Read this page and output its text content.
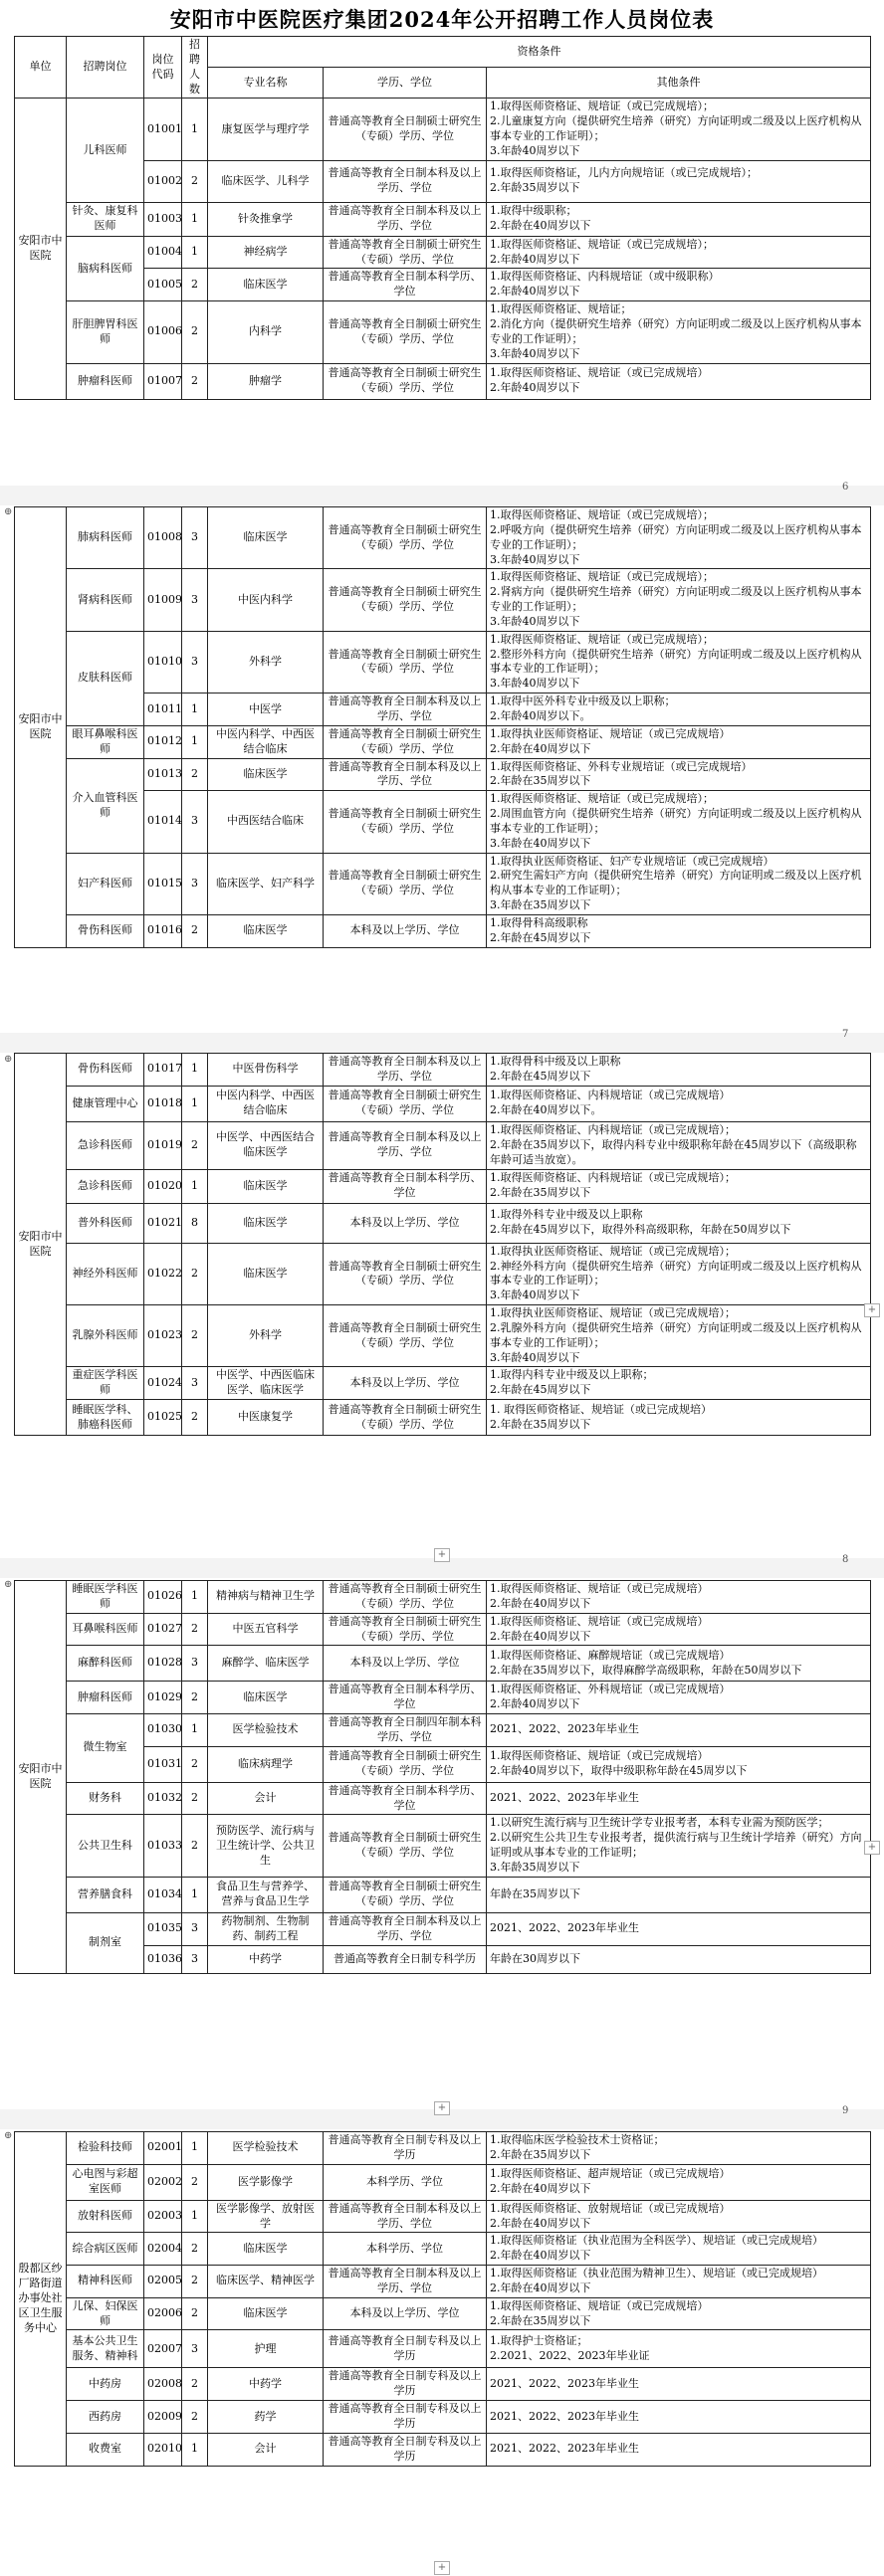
安阳市中医院医疗集团2024年公开招聘工作人员岗位表
单位	招聘岗位	岗位代码	招聘人数	资格条件		
				专业名称	学历、学位	其他条件
安阳市中医院	儿科医师	01001	1	康复医学与理疗学	普通高等教育全日制硕士研究生（专硕）学历、学位	1.取得医师资格证、规培证（或已完成规培）；
2.儿童康复方向（提供研究生培养（研究）方向证明或二级及以上医疗机构从事本专业的工作证明）；
3.年龄40周岁以下
		01002	2	临床医学、儿科学	普通高等教育全日制本科及以上学历、学位	1.取得医师资格证，儿内方向规培证（或已完成规培）；
2.年龄35周岁以下
	针灸、康复科医师	01003	1	针灸推拿学	普通高等教育全日制本科及以上学历、学位	1.取得中级职称；
2.年龄在40周岁以下
	脑病科医师	01004	1	神经病学	普通高等教育全日制硕士研究生（专硕）学历、学位	1.取得医师资格证、规培证（或已完成规培）；
2.年龄40周岁以下
		01005	2	临床医学	普通高等教育全日制本科学历、学位	1.取得医师资格证、内科规培证（或中级职称）
2.年龄40周岁以下
	肝胆脾胃科医师	01006	2	内科学	普通高等教育全日制硕士研究生（专硕）学历、学位	1.取得医师资格证、规培证；
2.消化方向（提供研究生培养（研究）方向证明或二级及以上医疗机构从事本专业的工作证明）；
3.年龄40周岁以下
	肿瘤科医师	01007	2	肿瘤学	普通高等教育全日制硕士研究生（专硕）学历、学位	1.取得医师资格证、规培证（或已完成规培）
2.年龄40周岁以下
安阳市中医院	肺病科医师	01008	3	临床医学	普通高等教育全日制硕士研究生（专硕）学历、学位	1.取得医师资格证、规培证（或已完成规培）；
2.呼吸方向（提供研究生培养（研究）方向证明或二级及以上医疗机构从事本专业的工作证明）；
3.年龄40周岁以下
	肾病科医师	01009	3	中医内科学	普通高等教育全日制硕士研究生（专硕）学历、学位	1.取得医师资格证、规培证（或已完成规培）；
2.肾病方向（提供研究生培养（研究）方向证明或二级及以上医疗机构从事本专业的工作证明）；
3.年龄40周岁以下
	皮肤科医师	01010	3	外科学	普通高等教育全日制硕士研究生（专硕）学历、学位	1.取得医师资格证、规培证（或已完成规培）；
2.整形外科方向（提供研究生培养（研究）方向证明或二级及以上医疗机构从事本专业的工作证明）；
3.年龄40周岁以下
		01011	1	中医学	普通高等教育全日制本科及以上学历、学位	1.取得中医外科专业中级及以上职称；
2.年龄40周岁以下。
	眼耳鼻喉科医师	01012	1	中医内科学、中西医结合临床	普通高等教育全日制硕士研究生（专硕）学历、学位	1.取得执业医师资格证、规培证（或已完成规培）
2.年龄在40周岁以下
	介入血管科医师	01013	2	临床医学	普通高等教育全日制本科及以上学历、学位	1.取得医师资格证、外科专业规培证（或已完成规培）
2.年龄在35周岁以下
		01014	3	中西医结合临床	普通高等教育全日制硕士研究生（专硕）学历、学位	1.取得医师资格证、规培证（或已完成规培）；
2.周围血管方向（提供研究生培养（研究）方向证明或二级及以上医疗机构从事本专业的工作证明）；
3.年龄在40周岁以下
	妇产科医师	01015	3	临床医学、妇产科学	普通高等教育全日制硕士研究生（专硕）学历、学位	1.取得执业医师资格证、妇产专业规培证（或已完成规培）
2.研究生需妇产方向（提供研究生培养（研究）方向证明或二级及以上医疗机构从事本专业的工作证明）；
3.年龄在35周岁以下
	骨伤科医师	01016	2	临床医学	本科及以上学历、学位	1.取得骨科高级职称
2.年龄在45周岁以下
安阳市中医院	骨伤科医师	01017	1	中医骨伤科学	普通高等教育全日制本科及以上学历、学位	1.取得骨科中级及以上职称
2.年龄在45周岁以下
	健康管理中心	01018	1	中医内科学、中西医结合临床	普通高等教育全日制硕士研究生（专硕）学历、学位	1.取得医师资格证、内科规培证（或已完成规培）
2.年龄在40周岁以下。
	急诊科医师	01019	2	中医学、中西医结合临床医学	普通高等教育全日制本科及以上学历、学位	1.取得医师资格证、内科规培证（或已完成规培）；
2.年龄在35周岁以下，取得内科专业中级职称年龄在45周岁以下（高级职称年龄可适当放宽）。
	急诊科医师	01020	1	临床医学	普通高等教育全日制本科学历、学位	1.取得医师资格证、内科规培证（或已完成规培）；
2.年龄在35周岁以下
	普外科医师	01021	8	临床医学	本科及以上学历、学位	1.取得外科专业中级及以上职称
2.年龄在45周岁以下，取得外科高级职称，年龄在50周岁以下
	神经外科医师	01022	2	临床医学	普通高等教育全日制硕士研究生（专硕）学历、学位	1.取得执业医师资格证、规培证（或已完成规培）；
2.神经外科方向（提供研究生培养（研究）方向证明或二级及以上医疗机构从事本专业的工作证明）；
3.年龄40周岁以下
	乳腺外科医师	01023	2	外科学	普通高等教育全日制硕士研究生（专硕）学历、学位	1.取得执业医师资格证、规培证（或已完成规培）；
2.乳腺外科方向（提供研究生培养（研究）方向证明或二级及以上医疗机构从事本专业的工作证明）；
3.年龄40周岁以下
	重症医学科医师	01024	3	中医学、中西医临床医学、临床医学	本科及以上学历、学位	1.取得内科专业中级及以上职称；
2.年龄在45周岁以下
	睡眠医学科、肺癌科医师	01025	2	中医康复学	普通高等教育全日制硕士研究生（专硕）学历、学位	1. 取得医师资格证、规培证（或已完成规培）
2.年龄在35周岁以下
安阳市中医院	睡眠医学科医师	01026	1	精神病与精神卫生学	普通高等教育全日制硕士研究生（专硕）学历、学位	1.取得医师资格证、规培证（或已完成规培）
2.年龄在40周岁以下
	耳鼻喉科医师	01027	2	中医五官科学	普通高等教育全日制硕士研究生（专硕）学历、学位	1.取得医师资格证、规培证（或已完成规培）
2.年龄在40周岁以下
	麻醉科医师	01028	3	麻醉学、临床医学	本科及以上学历、学位	1.取得医师资格证、麻醉规培证（或已完成规培）
2.年龄在35周岁以下，取得麻醉学高级职称，年龄在50周岁以下
	肿瘤科医师	01029	2	临床医学	普通高等教育全日制本科学历、学位	1.取得医师资格证、外科规培证（或已完成规培）
2.年龄40周岁以下
	微生物室	01030	1	医学检验技术	普通高等教育全日制四年制本科学历、学位	2021、2022、2023年毕业生
		01031	2	临床病理学	普通高等教育全日制硕士研究生（专硕）学历、学位	1.取得医师资格证、规培证（或已完成规培）
2.年龄40周岁以下，取得中级职称年龄在45周岁以下
	财务科	01032	2	会计	普通高等教育全日制本科学历、学位	2021、2022、2023年毕业生
	公共卫生科	01033	2	预防医学、流行病与卫生统计学、公共卫生	普通高等教育全日制硕士研究生（专硕）学历、学位	1.以研究生流行病与卫生统计学专业报考者，本科专业需为预防医学；
2.以研究生公共卫生专业报考者，提供流行病与卫生统计学培养（研究）方向证明或从事本专业的工作证明；
3.年龄35周岁以下
	营养膳食科	01034	1	食品卫生与营养学、营养与食品卫生学	普通高等教育全日制硕士研究生（专硕）学历、学位	年龄在35周岁以下
	制剂室	01035	3	药物制剂、生物制药、制药工程	普通高等教育全日制本科及以上学历、学位	2021、2022、2023年毕业生
		01036	3	中药学	普通高等教育全日制专科学历	年龄在30周岁以下
殷都区纱厂路街道办事处社区卫生服务中心	检验科技师	02001	1	医学检验技术	普通高等教育全日制专科及以上学历	1.取得临床医学检验技术士资格证；
2.年龄在35周岁以下
	心电图与彩超室医师	02002	2	医学影像学	本科学历、学位	1.取得医师资格证、超声规培证（或已完成规培）
2.年龄在40周岁以下
	放射科医师	02003	1	医学影像学、放射医学	普通高等教育全日制本科及以上学历、学位	1.取得医师资格证、放射规培证（或已完成规培）
2.年龄在40周岁以下
	综合病区医师	02004	2	临床医学	本科学历、学位	1.取得医师资格证（执业范围为全科医学）、规培证（或已完成规培）
2.年龄在40周岁以下
	精神科医师	02005	2	临床医学、精神医学	普通高等教育全日制本科及以上学历、学位	1.取得医师资格证（执业范围为精神卫生）、规培证（或已完成规培）
2.年龄在40周岁以下
	儿保、妇保医师	02006	2	临床医学	本科及以上学历、学位	1.取得医师资格证、规培证（或已完成规培）
2.年龄在35周岁以下
	基本公共卫生服务、精神科	02007	3	护理	普通高等教育全日制专科及以上学历	1.取得护士资格证；
2.2021、2022、2023年毕业证
	中药房	02008	2	中药学	普通高等教育全日制专科及以上学历	2021、2022、2023年毕业生
	西药房	02009	2	药学	普通高等教育全日制专科及以上学历	2021、2022、2023年毕业生
	收费室	02010	1	会计	普通高等教育全日制专科及以上学历	2021、2022、2023年毕业生
6
⊕
7
⊕
8
⊕
9
⊕
+
+
+
+
+
